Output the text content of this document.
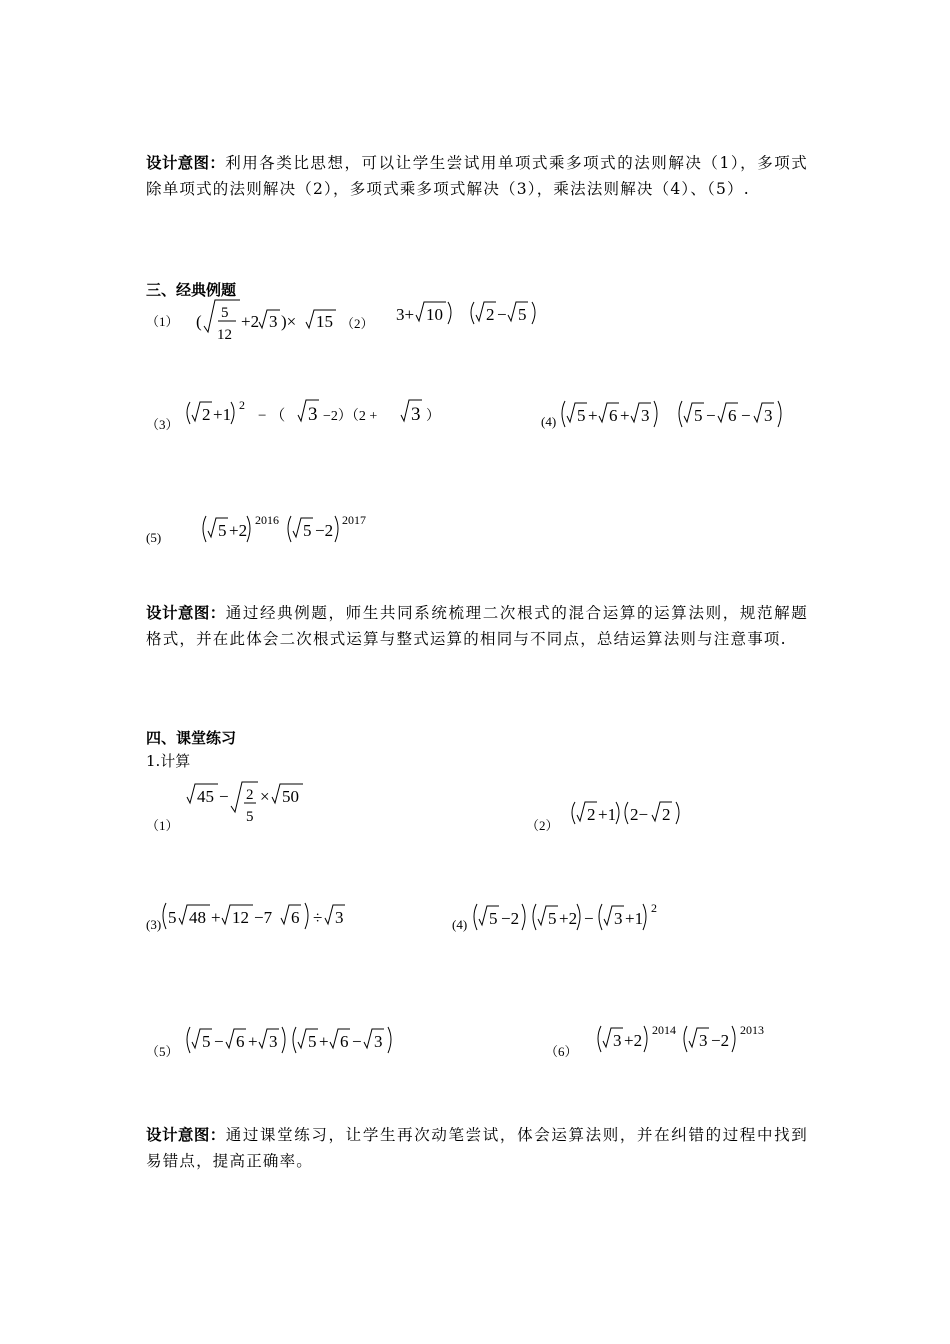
设计意图：利用各类比思想，可以让学生尝试用单项式乘多项式的法则解决（1），多项式除单项式的法则解决（2），多项式乘多项式解决（3），乘法法则解决（4）、（5）.
三、经典例题
（1） ( 5
12
+2 3 )× 15 （2） 3+ 10	2 − 5
（3）
2 +1 2
− （ 3 −2）（2 + 3 ）	(4) 5 + 6 + 3	5 − 6 − 3
(5)	5 +2
2016
5 −2
2017
设计意图：通过经典例题，师生共同系统梳理二次根式的混合运算的运算法则，规范解题格式，并在此体会二次根式运算与整式运算的相同与不同点，总结运算法则与注意事项.
四、课堂练习
1.计算
（1）
45 − 2
5
× 50
（2）
2 +1 2− 2
(3) 5 48 + 12 −7 6 ÷ 3	(4) 5 −2 5 +2 − 3 +1
2
（5）
5 − 6 + 3 5 + 6 − 3
（6）
3 +2
2014
3 −2
2013
设计意图：通过课堂练习，让学生再次动笔尝试，体会运算法则，并在纠错的过程中找到易错点，提高正确率。
